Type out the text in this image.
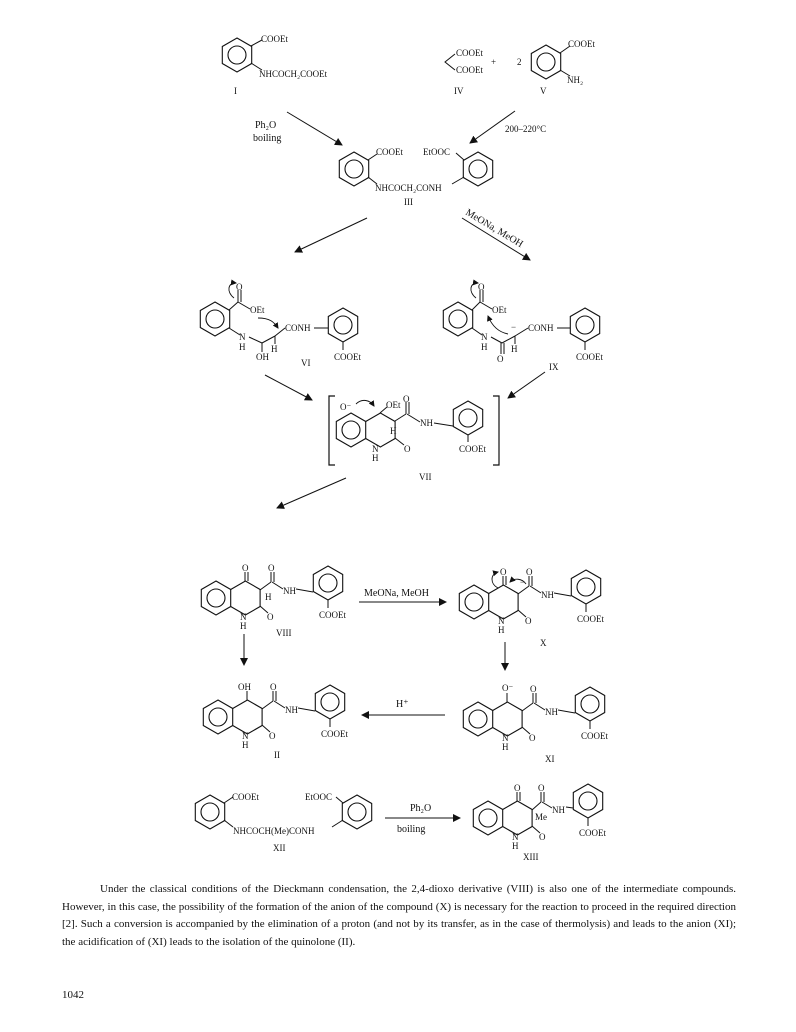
COOEt
NHCOCH₂COOEt
I
COOEt
COOEt
+ 2
IV
COOEt
NH₂
V
Ph₂O
boiling
200–220°C
COOEt EtOOC
NHCOCH₂CONH
III
MeONa, MeOH
O
OEt
N
H
OH
H
CONH
COOEt
VI
O
OEt
N
H
O
H
− CONH
COOEt
IX
O⁻	OEt
O
NH
H
O
N
H
COOEt
VII
O O
NH
H
O
N
H
COOEt
VIII
MeONa, MeOH
O
−
O
NH
O
N
H
COOEt
X
OH O
NH
O
N
H
COOEt
II
H⁺
O⁻ O
NH
O
N
H
COOEt
XI
COOEt	EtOOC
NHCOCH(Me)CONH
XII
Ph₂O
boiling
O O
NH
Me
O
N
H
COOEt
XIII

Under the classical conditions of the Dieckmann condensation, the 2,4-dioxo derivative (VIII) is also one of the intermediate compounds. However, in this case, the possibility of the formation of the anion of the compound (X) is necessary for the reaction to proceed in the required direction [2]. Such a conversion is accompanied by the elimination of a proton (and not by its transfer, as in the case of thermolysis) and leads to the anion (XI); the acidification of (XI) leads to the isolation of the quinolone (II).

1042
